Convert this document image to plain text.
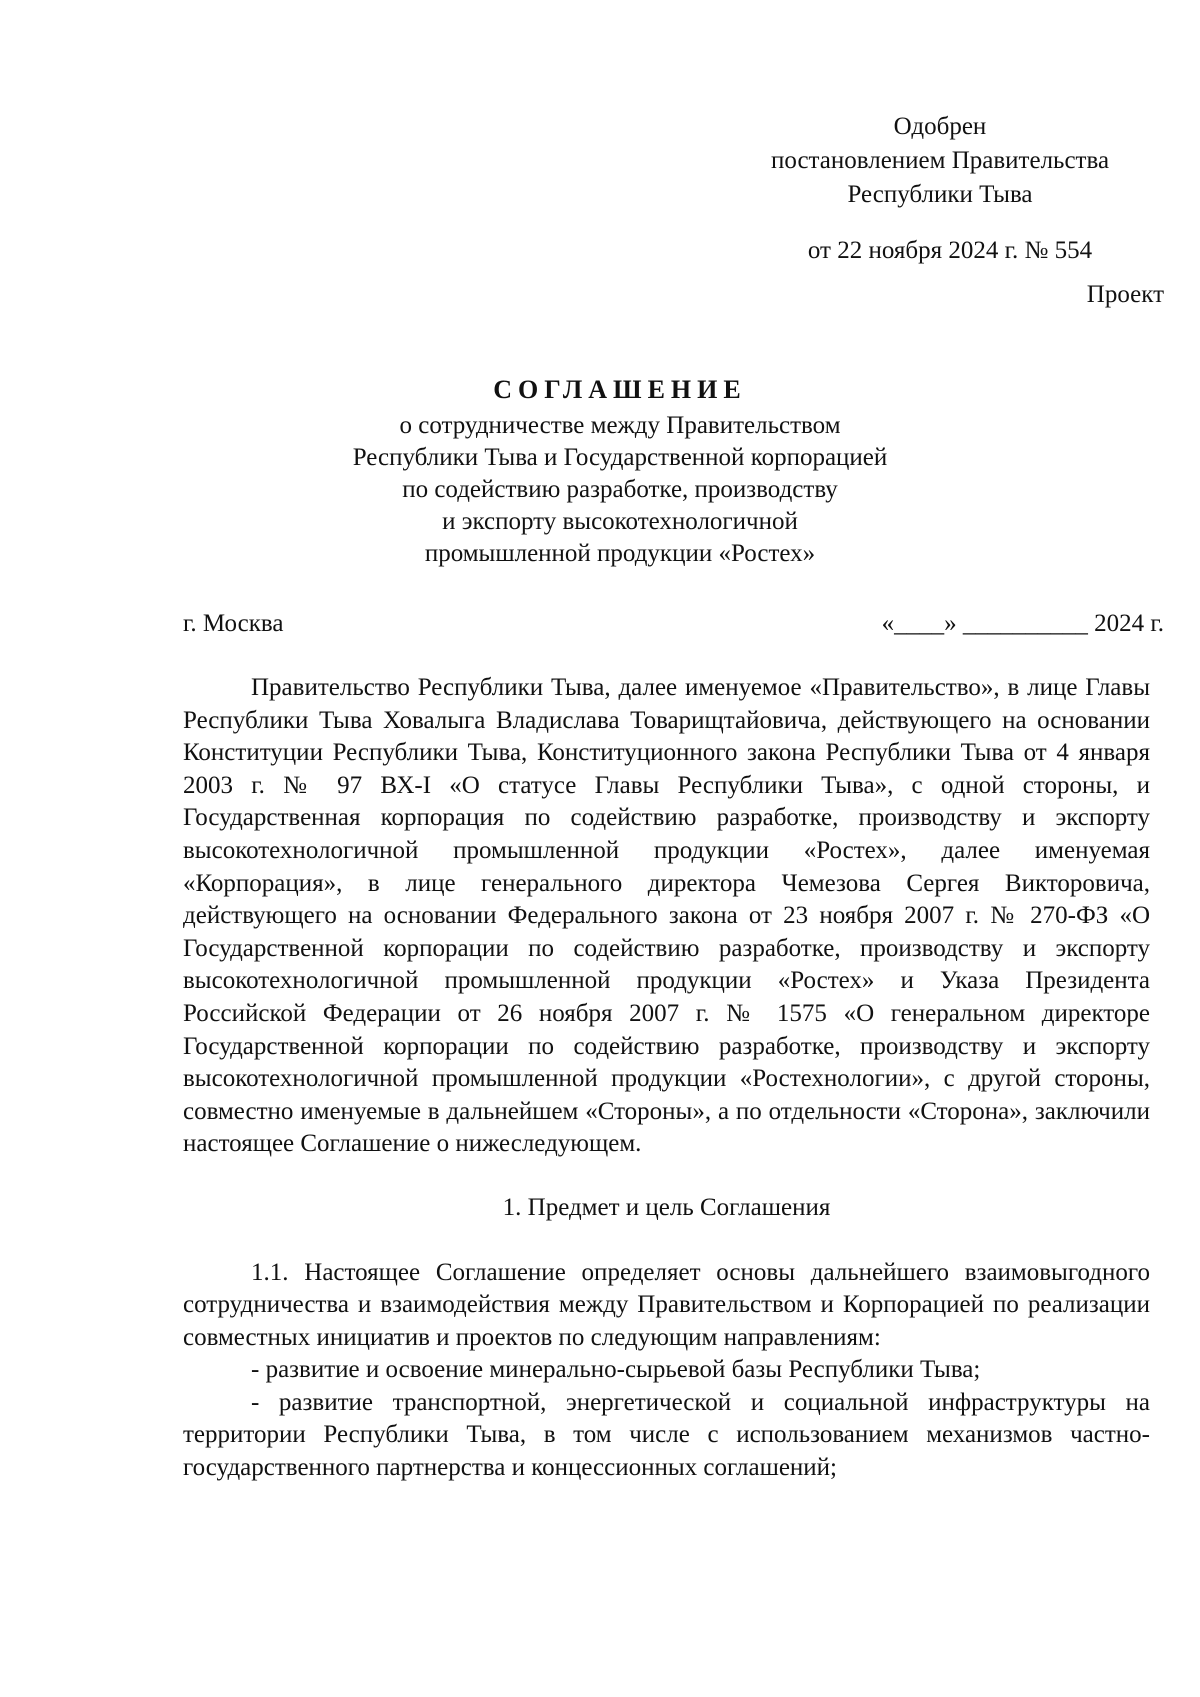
Одобрен
постановлением Правительства
Республики Тыва
от 22 ноября 2024 г. № 554
Проект
СОГЛАШЕНИЕ
о сотрудничестве между Правительством
Республики Тыва и Государственной корпорацией
по содействию разработке, производству
и экспорту высокотехнологичной
промышленной продукции «Ростех»
г. Москва	«____» __________ 2024 г.

Правительство Республики Тыва, далее именуемое «Правительство», в лице Главы Республики Тыва Ховалыга Владислава Товарищтайовича, действующего на основании Конституции Республики Тыва, Конституционного закона Республики Тыва от 4 января 2003 г. № 97 ВХ-I «О статусе Главы Республики Тыва», с одной стороны, и Государственная корпорация по содействию разработке, производству и экспорту высокотехнологичной промышленной продукции «Ростех», далее именуемая «Корпорация», в лице генерального директора Чемезова Сергея Викторовича, действующего на основании Федерального закона от 23 ноября 2007 г. № 270-ФЗ «О Государственной корпорации по содействию разработке, производству и экспорту высокотехнологичной промышленной продукции «Ростех» и Указа Президента Российской Федерации от 26 ноября 2007 г. № 1575 «О генеральном директоре Государственной корпорации по содействию разработке, производству и экспорту высокотехнологичной промышленной продукции «Ростехнологии», с другой стороны, совместно именуемые в дальнейшем «Стороны», а по отдельности «Сторона», заключили настоящее Соглашение о нижеследующем.

1. Предмет и цель Соглашения

1.1. Настоящее Соглашение определяет основы дальнейшего взаимовыгодного сотрудничества и взаимодействия между Правительством и Корпорацией по реализации совместных инициатив и проектов по следующим направлениям:

- развитие и освоение минерально-сырьевой базы Республики Тыва;

- развитие транспортной, энергетической и социальной инфраструктуры на территории Республики Тыва, в том числе с использованием механизмов частно-государственного партнерства и концессионных соглашений;
